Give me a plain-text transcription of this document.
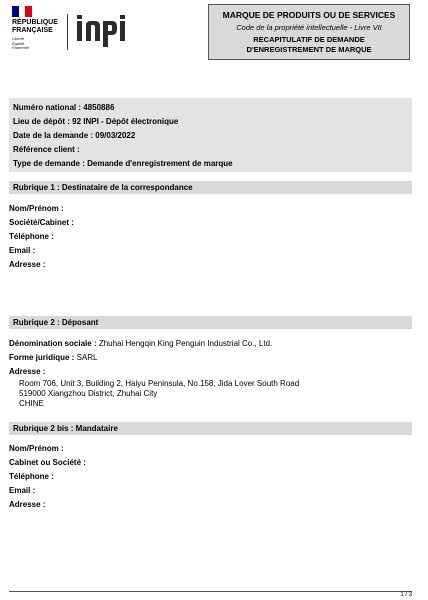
RÉPUBLIQUE
FRANÇAISE
Liberté
Égalité
Fraternité
MARQUE DE PRODUITS OU DE SERVICES
Code de la propriété intellectuelle - Livre VII
RECAPITULATIF DE DEMANDE
D'ENREGISTREMENT DE MARQUE
Numéro national : 4850886
Lieu de dépôt : 92 INPI - Dépôt électronique
Date de la demande : 09/03/2022
Référence client :
Type de demande : Demande d'enregistrement de marque
Rubrique 1 : Destinataire de la correspondance
Nom/Prénom :
Société/Cabinet :
Téléphone :
Email :
Adresse :
Rubrique 2 : Déposant
Dénomination sociale : Zhuhai Hengqin King Penguin Industrial Co., Ltd.
Forme juridique : SARL
Adresse :
Room 706, Unit 3, Building 2, Haiyu Peninsula, No.158, Jida Lover South Road
519000 Xiangzhou District, Zhuhai City
CHINE
Rubrique 2 bis : Mandataire
Nom/Prénom :
Cabinet ou Société :
Téléphone :
Email :
Adresse :
1 / 3
